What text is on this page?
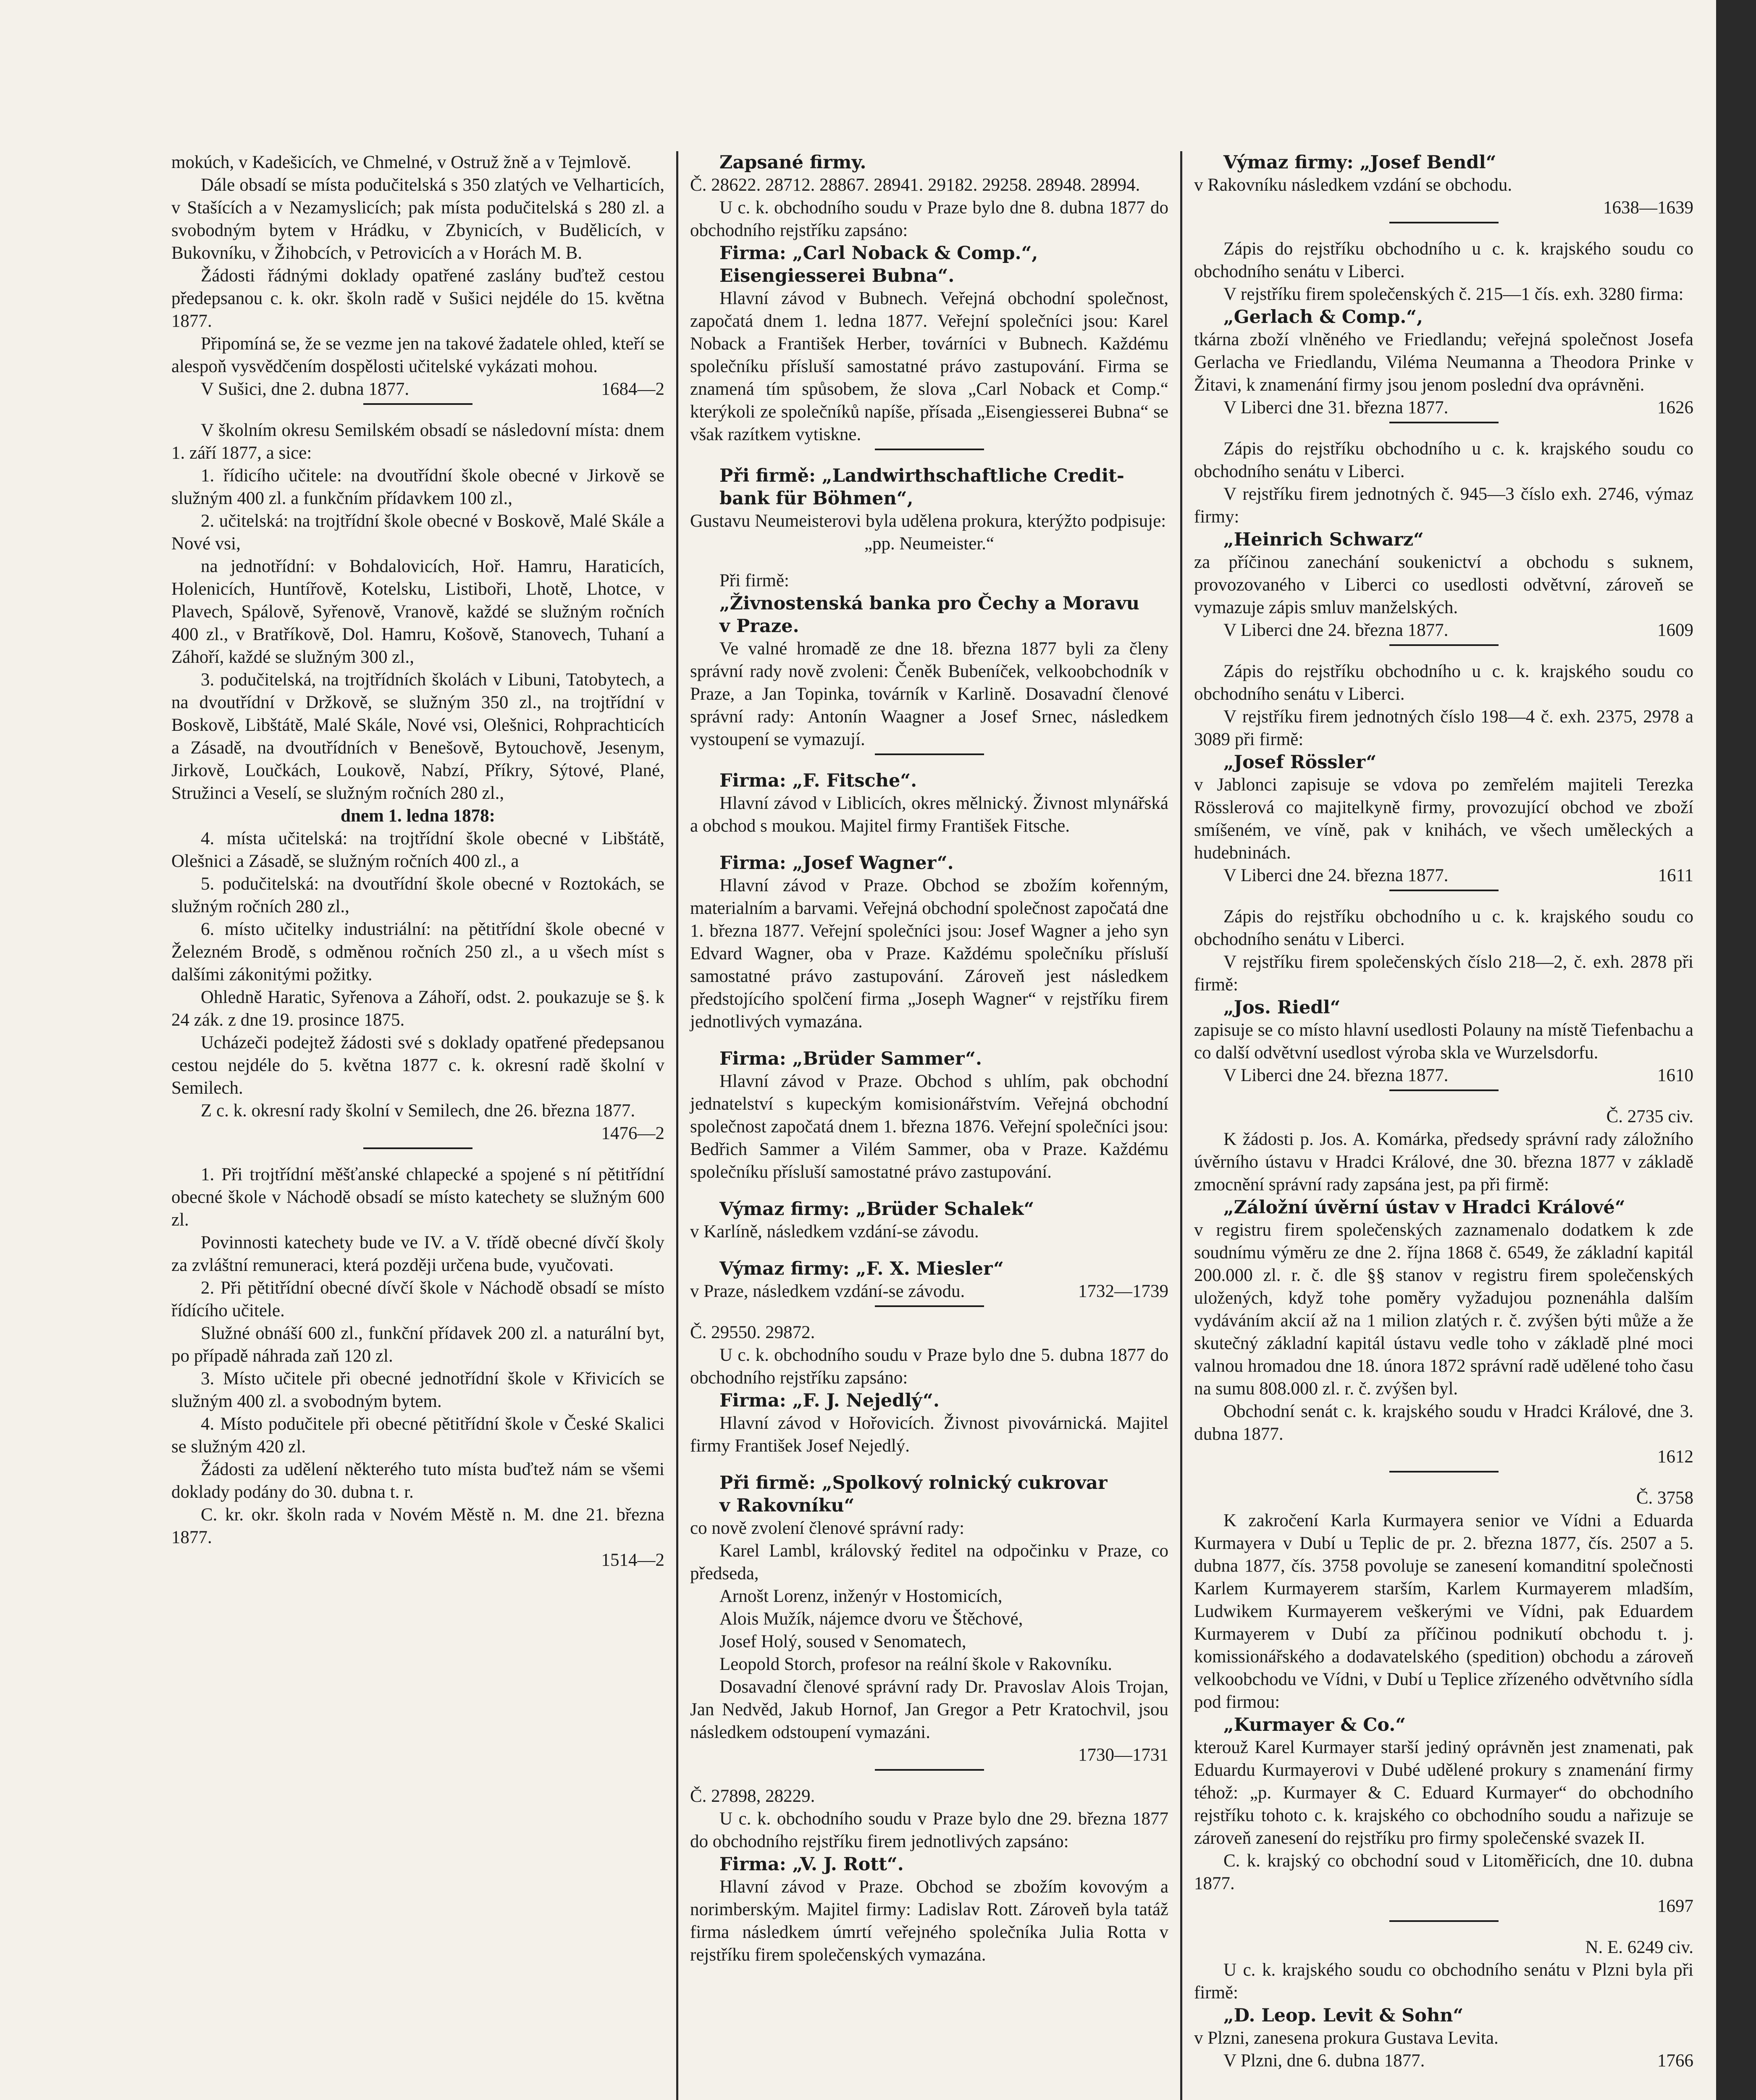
mokúch, v Kadešicích, ve Chmelné, v Ostruž žně a v Tejmlově.

Dále obsadí se místa podučitelská s 350 zlatých ve Velharticích, v Stašících a v Nezamyslicích; pak místa podučitelská s 280 zl. a svobodným bytem v Hrádku, v Zbynicích, v Budělicích, v Bukovníku, v Žihobcích, v Petrovicích a v Horách M. B.

Žádosti řádnými doklady opatřené zaslány buďtež cestou předepsanou c. k. okr. školn radě v Sušici nejdéle do 15. května 1877.

Připomíná se, že se vezme jen na takové žadatele ohled, kteří se alespoň vysvědčením dospělosti učitelské vykázati mohou.

V Sušici, dne 2. dubna 1877.	1684—2

V školním okresu Semilském obsadí se následovní místa: dnem 1. září 1877, a sice:

1. řídicího učitele: na dvoutřídní škole obecné v Jirkově se služným 400 zl. a funkčním přídavkem 100 zl.,

2. učitelská: na trojtřídní škole obecné v Boskově, Malé Skále a Nové vsi,

na jednotřídní: v Bohdalovicích, Hoř. Hamru, Haraticích, Holenicích, Huntířově, Kotelsku, Listiboři, Lhotě, Lhotce, v Plavech, Spálově, Syřenově, Vranově, každé se služným ročních 400 zl., v Bratříkově, Dol. Hamru, Košově, Stanovech, Tuhaní a Záhoří, každé se služným 300 zl.,

3. podučitelská, na trojtřídních školách v Libuni, Tatobytech, a na dvoutřídní v Držkově, se služným 350 zl., na trojtřídní v Boskově, Libštátě, Malé Skále, Nové vsi, Olešnici, Rohprachticích a Zásadě, na dvoutřídních v Benešově, Bytouchově, Jesenym, Jirkově, Loučkách, Loukově, Nabzí, Příkry, Sýtové, Plané, Stružinci a Veselí, se služným ročních 280 zl.,

dnem 1. ledna 1878:

4. místa učitelská: na trojtřídní škole obecné v Libštátě, Olešnici a Zásadě, se služným ročních 400 zl., a

5. podučitelská: na dvoutřídní škole obecné v Roztokách, se služným ročních 280 zl.,

6. místo učitelky industriální: na pětitřídní škole obecné v Železném Brodě, s odměnou ročních 250 zl., a u všech míst s dalšími zákonitými požitky.

Ohledně Haratic, Syřenova a Záhoří, odst. 2. poukazuje se §. k 24 zák. z dne 19. prosince 1875.

Ucházeči podejtež žádosti své s doklady opatřené předepsanou cestou nejdéle do 5. května 1877 c. k. okresní radě školní v Semilech.

Z c. k. okresní rady školní v Semilech, dne 26. března 1877.

1476—2

1. Při trojtřídní měšťanské chlapecké a spojené s ní pětitřídní obecné škole v Náchodě obsadí se místo katechety se služným 600 zl.

Povinnosti katechety bude ve IV. a V. třídě obecné dívčí školy za zvláštní remuneraci, která později určena bude, vyučovati.

2. Při pětitřídní obecné dívčí škole v Náchodě obsadí se místo řídícího učitele.

Služné obnáší 600 zl., funkční přídavek 200 zl. a naturální byt, po případě náhrada zaň 120 zl.

3. Místo učitele při obecné jednotřídní škole v Křivicích se služným 400 zl. a svobodným bytem.

4. Místo podučitele při obecné pětitřídní škole v České Skalici se služným 420 zl.

Žádosti za udělení některého tuto místa buďtež nám se všemi doklady podány do 30. dubna t. r.

C. kr. okr. školn rada v Novém Městě n. M. dne 21. března 1877.

1514—2

Zapsané firmy.

Č. 28622. 28712. 28867. 28941. 29182. 29258. 28948. 28994.

U c. k. obchodního soudu v Praze bylo dne 8. dubna 1877 do obchodního rejstříku zapsáno:

Firma: „Carl Noback & Comp.“,

Eisengiesserei Bubna“.

Hlavní závod v Bubnech. Veřejná obchodní společnost, započatá dnem 1. ledna 1877. Veřejní společníci jsou: Karel Noback a František Herber, továrníci v Bubnech. Každému společníku přísluší samostatné právo zastupování. Firma se znamená tím spůsobem, že slova „Carl Noback et Comp.“ kterýkoli ze společníků napíše, přísada „Eisengiesserei Bubna“ se však razítkem vytiskne.

Při firmě: „Landwirthschaftliche Credit-

bank für Böhmen“,

Gustavu Neumeisterovi byla udělena prokura, kterýžto podpisuje:

„pp. Neumeister.“

Při firmě:

„Živnostenská banka pro Čechy a Moravu

v Praze.

Ve valné hromadě ze dne 18. března 1877 byli za členy správní rady nově zvoleni: Čeněk Bubeníček, velkoobchodník v Praze, a Jan Topinka, továrník v Karlině. Dosavadní členové správní rady: Antonín Waagner a Josef Srnec, následkem vystoupení se vymazují.

Firma: „F. Fitsche“.

Hlavní závod v Liblicích, okres mělnický. Živnost mlynářská a obchod s moukou. Majitel firmy František Fitsche.

Firma: „Josef Wagner“.

Hlavní závod v Praze. Obchod se zbožím kořenným, materialním a barvami. Veřejná obchodní společnost započatá dne 1. března 1877. Veřejní společníci jsou: Josef Wagner a jeho syn Edvard Wagner, oba v Praze. Každému společníku přísluší samostatné právo zastupování. Zároveň jest následkem předstojícího spolčení firma „Joseph Wagner“ v rejstříku firem jednotlivých vymazána.

Firma: „Brüder Sammer“.

Hlavní závod v Praze. Obchod s uhlím, pak obchodní jednatelství s kupeckým komisionářstvím. Veřejná obchodní společnost započatá dnem 1. března 1876. Veřejní společníci jsou: Bedřich Sammer a Vilém Sammer, oba v Praze. Každému společníku přísluší samostatné právo zastupování.

Výmaz firmy: „Brüder Schalek“

v Karlíně, následkem vzdání-se závodu.

Výmaz firmy: „F. X. Miesler“

v Praze, následkem vzdání-se závodu.	1732—1739

Č. 29550. 29872.

U c. k. obchodního soudu v Praze bylo dne 5. dubna 1877 do obchodního rejstříku zapsáno:

Firma: „F. J. Nejedlý“.

Hlavní závod v Hořovicích. Živnost pivovárnická. Majitel firmy František Josef Nejedlý.

Při firmě: „Spolkový rolnický cukrovar

v Rakovníku“

co nově zvolení členové správní rady:

Karel Lambl, královský ředitel na odpočinku v Praze, co předseda,

Arnošt Lorenz, inženýr v Hostomicích,

Alois Mužík, nájemce dvoru ve Štěchové,

Josef Holý, soused v Senomatech,

Leopold Storch, profesor na reální škole v Rakovníku.

Dosavadní členové správní rady Dr. Pravoslav Alois Trojan, Jan Nedvěd, Jakub Hornof, Jan Gregor a Petr Kratochvil, jsou následkem odstoupení vymazáni.

1730—1731

Č. 27898, 28229.

U c. k. obchodního soudu v Praze bylo dne 29. března 1877 do obchodního rejstříku firem jednotlivých zapsáno:

Firma: „V. J. Rott“.

Hlavní závod v Praze. Obchod se zbožím kovovým a norimberským. Majitel firmy: Ladislav Rott. Zároveň byla tatáž firma následkem úmrtí veřejného společníka Julia Rotta v rejstříku firem společenských vymazána.

Výmaz firmy: „Josef Bendl“

v Rakovníku následkem vzdání se obchodu.

1638—1639

Zápis do rejstříku obchodního u c. k. krajského soudu co obchodního senátu v Liberci.

V rejstříku firem společenských č. 215—1 čís. exh. 3280 firma:

„Gerlach & Comp.“,

tkárna zboží vlněného ve Friedlandu; veřejná společnost Josefa Gerlacha ve Friedlandu, Viléma Neumanna a Theodora Prinke v Žitavi, k znamenání firmy jsou jenom poslední dva oprávněni.

V Liberci dne 31. března 1877.	1626

Zápis do rejstříku obchodního u c. k. krajského soudu co obchodního senátu v Liberci.

V rejstříku firem jednotných č. 945—3 číslo exh. 2746, výmaz firmy:

„Heinrich Schwarz“

za příčinou zanechání soukenictví a obchodu s suknem, provozovaného v Liberci co usedlosti odvětvní, zároveň se vymazuje zápis smluv manželských.

V Liberci dne 24. března 1877.	1609

Zápis do rejstříku obchodního u c. k. krajského soudu co obchodního senátu v Liberci.

V rejstříku firem jednotných číslo 198—4 č. exh. 2375, 2978 a 3089 při firmě:

„Josef Rössler“

v Jablonci zapisuje se vdova po zemřelém majiteli Terezka Rösslerová co majitelkyně firmy, provozující obchod ve zboží smíšeném, ve víně, pak v knihách, ve všech uměleckých a hudebninách.

V Liberci dne 24. března 1877.	1611

Zápis do rejstříku obchodního u c. k. krajského soudu co obchodního senátu v Liberci.

V rejstříku firem společenských číslo 218—2, č. exh. 2878 při firmě:

„Jos. Riedl“

zapisuje se co místo hlavní usedlosti Polauny na místě Tiefenbachu a co další odvětvní usedlost výroba skla ve Wurzelsdorfu.

V Liberci dne 24. března 1877.	1610

Č. 2735 civ.

K žádosti p. Jos. A. Komárka, předsedy správní rady záložního úvěrního ústavu v Hradci Králové, dne 30. března 1877 v základě zmocnění správní rady zapsána jest, pa při firmě:

„Záložní úvěrní ústav v Hradci Králové“

v registru firem společenských zaznamenalo dodatkem k zde soudnímu výměru ze dne 2. října 1868 č. 6549, že základní kapitál 200.000 zl. r. č. dle §§ stanov v registru firem společenských uložených, když tohe poměry vyžadujou poznenáhla dalším vydáváním akcií až na 1 milion zlatých r. č. zvýšen býti může a že skutečný základní kapitál ústavu vedle toho v základě plné moci valnou hromadou dne 18. února 1872 správní radě udělené toho času na sumu 808.000 zl. r. č. zvýšen byl.

Obchodní senát c. k. krajského soudu v Hradci Králové, dne 3. dubna 1877.

1612

Č. 3758

K zakročení Karla Kurmayera senior ve Vídni a Eduarda Kurmayera v Dubí u Teplic de pr. 2. března 1877, čís. 2507 a 5. dubna 1877, čís. 3758 povoluje se zanesení komanditní společnosti Karlem Kurmayerem starším, Karlem Kurmayerem mladším, Ludwikem Kurmayerem veškerými ve Vídni, pak Eduardem Kurmayerem v Dubí za příčinou podnikutí obchodu t. j. komissionářského a dodavatelského (spedition) obchodu a zároveň velkoobchodu ve Vídni, v Dubí u Teplice zřízeného odvětvního sídla pod firmou:

„Kurmayer & Co.“

kterouž Karel Kurmayer starší jediný oprávněn jest znamenati, pak Eduardu Kurmayerovi v Dubé udělené prokury s znamenání firmy téhož: „p. Kurmayer & C. Eduard Kurmayer“ do obchodního rejstříku tohoto c. k. krajského co obchodního soudu a nařizuje se zároveň zanesení do rejstříku pro firmy společenské svazek II.

C. k. krajský co obchodní soud v Litoměřicích, dne 10. dubna 1877.

1697

N. E. 6249 civ.

U c. k. krajského soudu co obchodního senátu v Plzni byla při firmě:

„D. Leop. Levit & Sohn“

v Plzni, zanesena prokura Gustava Levita.

V Plzni, dne 6. dubna 1877.	1766
